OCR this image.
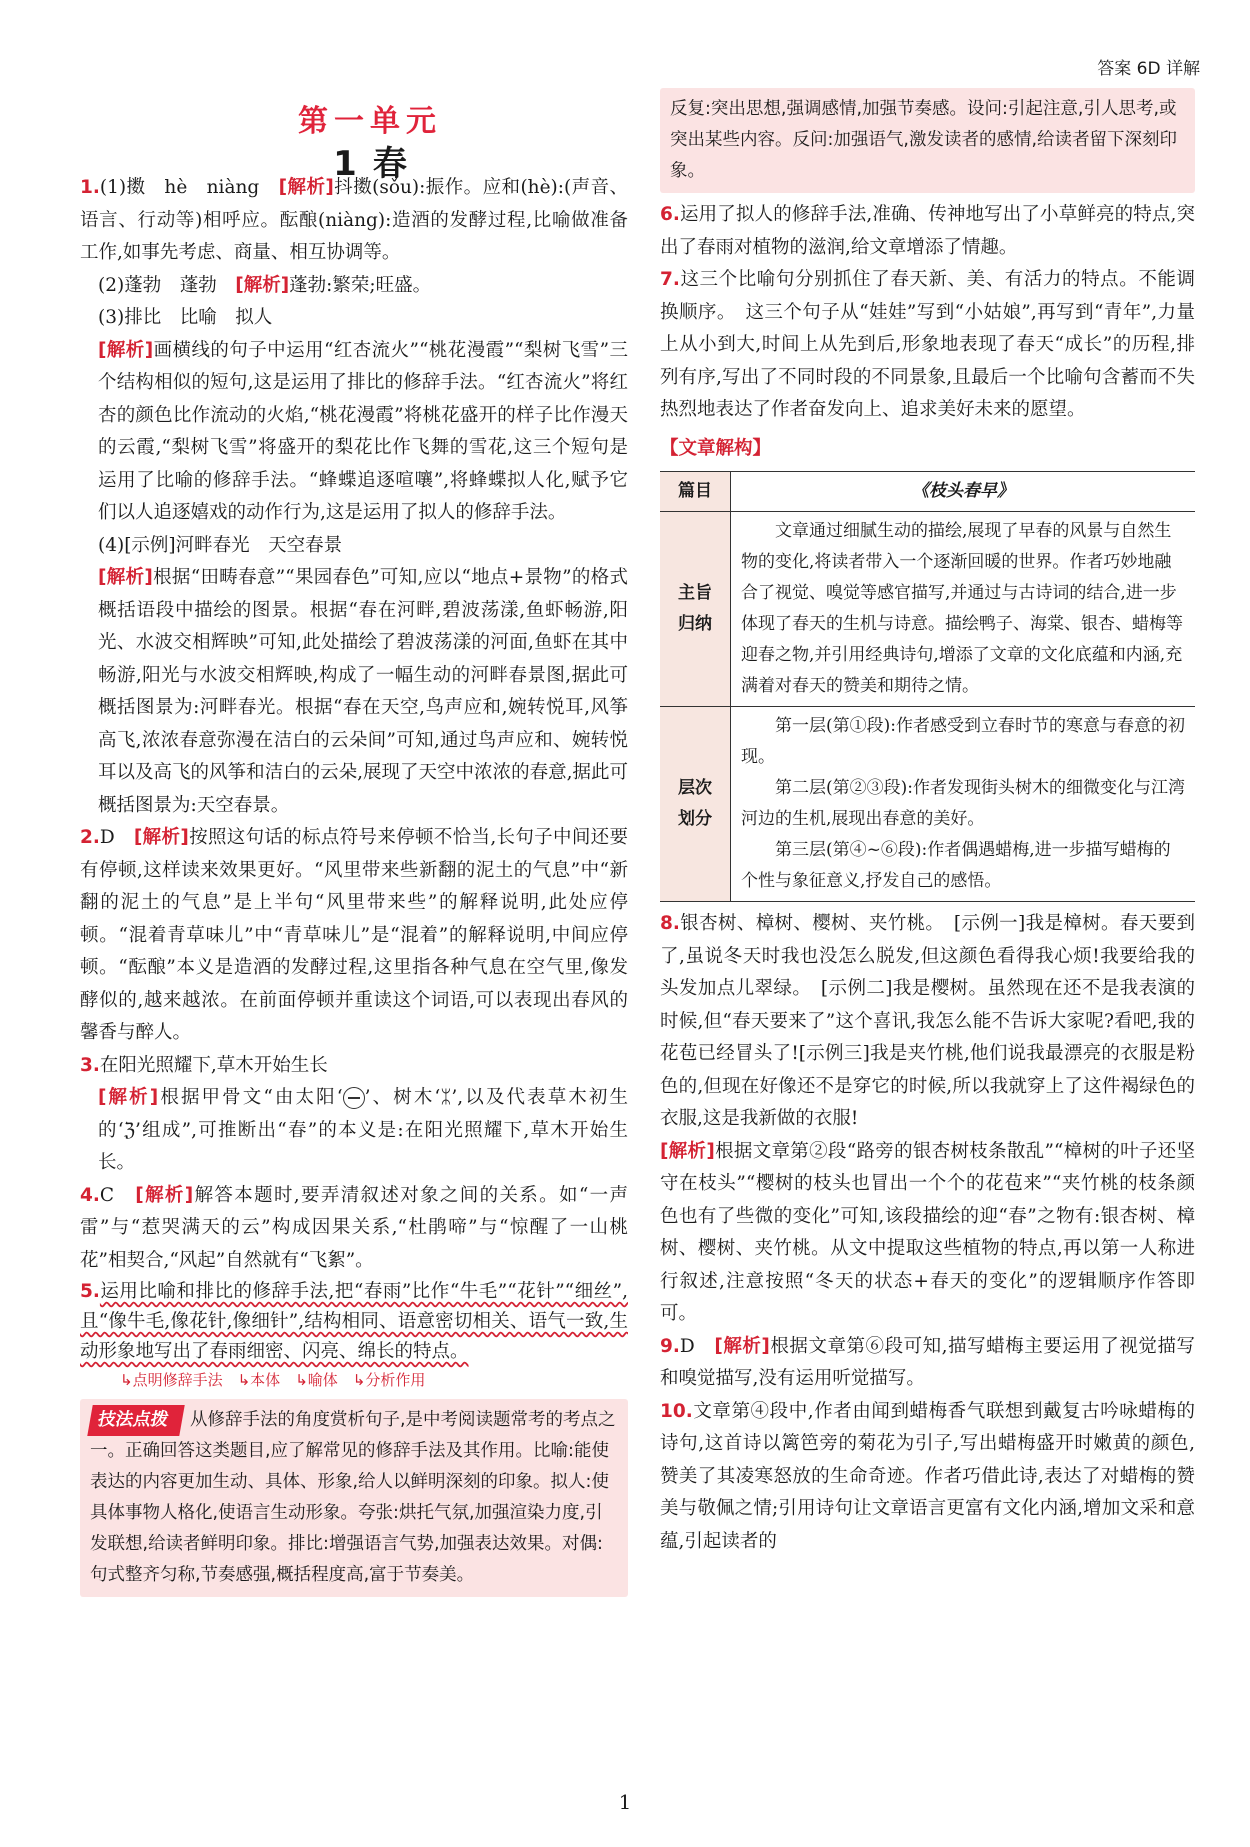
答案 6D 详解
第一单元
1 春

1.(1)擞　hè　niàng　 [解析]抖擞(sǒu):振作。应和(hè):(声音、语言、行动等)相呼应。酝酿(niàng):造酒的发酵过程,比喻做准备工作,如事先考虑、商量、相互协调等。

(2)蓬勃　蓬勃　 [解析]蓬勃:繁荣;旺盛。

(3)排比　比喻　拟人

[解析]画横线的句子中运用“红杏流火”“桃花漫霞”“梨树飞雪”三个结构相似的短句,这是运用了排比的修辞手法。“红杏流火”将红杏的颜色比作流动的火焰,“桃花漫霞”将桃花盛开的样子比作漫天的云霞,“梨树飞雪”将盛开的梨花比作飞舞的雪花,这三个短句是运用了比喻的修辞手法。“蜂蝶追逐喧嚷”,将蜂蝶拟人化,赋予它们以人追逐嬉戏的动作行为,这是运用了拟人的修辞手法。

(4)[示例]河畔春光　天空春景

[解析]根据“田畴春意”“果园春色”可知,应以“地点+景物”的格式概括语段中描绘的图景。根据“春在河畔,碧波荡漾,鱼虾畅游,阳光、水波交相辉映”可知,此处描绘了碧波荡漾的河面,鱼虾在其中畅游,阳光与水波交相辉映,构成了一幅生动的河畔春景图,据此可概括图景为:河畔春光。根据“春在天空,鸟声应和,婉转悦耳,风筝高飞,浓浓春意弥漫在洁白的云朵间”可知,通过鸟声应和、婉转悦耳以及高飞的风筝和洁白的云朵,展现了天空中浓浓的春意,据此可概括图景为:天空春景。

2.D　 [解析]按照这句话的标点符号来停顿不恰当,长句子中间还要有停顿,这样读来效果更好。“风里带来些新翻的泥土的气息”中“新翻的泥土的气息”是上半句“风里带来些”的解释说明,此处应停顿。“混着青草味儿”中“青草味儿”是“混着”的解释说明,中间应停顿。“酝酿”本义是造酒的发酵过程,这里指各种气息在空气里,像发酵似的,越来越浓。在前面停顿并重读这个词语,可以表现出春风的馨香与醉人。

3.在阳光照耀下,草木开始生长

[解析]根据甲骨文“由太阳‘ ’、树木‘ᛯ’,以及代表草木初生的‘ℨ’组成”,可推断出“春”的本义是:在阳光照耀下,草木开始生长。

4.C　 [解析]解答本题时,要弄清叙述对象之间的关系。如“一声雷”与“惹哭满天的云”构成因果关系,“杜鹃啼”与“惊醒了一山桃花”相契合,“风起”自然就有“飞絮”。

5.运用比喻和排比的修辞手法,把“春雨”比作“牛毛”“花针”“细丝”,且“像牛毛,像花针,像细针”,结构相同、语意密切相关、语气一致,生动形象地写出了春雨细密、闪亮、绵长的特点。

↳点明修辞手法　↳本体　↳喻体　↳分析作用

技法点拨 从修辞手法的角度赏析句子,是中考阅读题常考的考点之一。正确回答这类题目,应了解常见的修辞手法及其作用。比喻:能使表达的内容更加生动、具体、形象,给人以鲜明深刻的印象。拟人:使具体事物人格化,使语言生动形象。夸张:烘托气氛,加强渲染力度,引发联想,给读者鲜明印象。排比:增强语言气势,加强表达效果。对偶:句式整齐匀称,节奏感强,概括程度高,富于节奏美。
反复:突出思想,强调感情,加强节奏感。设问:引起注意,引人思考,或突出某些内容。反问:加强语气,激发读者的感情,给读者留下深刻印象。

6.运用了拟人的修辞手法,准确、传神地写出了小草鲜亮的特点,突出了春雨对植物的滋润,给文章增添了情趣。

7.这三个比喻句分别抓住了春天新、美、有活力的特点。不能调换顺序。　这三个句子从“娃娃”写到“小姑娘”,再写到“青年”,力量上从小到大,时间上从先到后,形象地表现了春天“成长”的历程,排列有序,写出了不同时段的不同景象,且最后一个比喻句含蓄而不失热烈地表达了作者奋发向上、追求美好未来的愿望。

【文章解构】
篇目	《枝头春早》
主旨归纳	文章通过细腻生动的描绘,展现了早春的风景与自然生物的变化,将读者带入一个逐渐回暖的世界。作者巧妙地融合了视觉、嗅觉等感官描写,并通过与古诗词的结合,进一步体现了春天的生机与诗意。描绘鸭子、海棠、银杏、蜡梅等迎春之物,并引用经典诗句,增添了文章的文化底蕴和内涵,充满着对春天的赞美和期待之情。
层次划分	第一层(第①段):作者感受到立春时节的寒意与春意的初现。
第二层(第②③段):作者发现街头树木的细微变化与江湾河边的生机,展现出春意的美好。
第三层(第④~⑥段):作者偶遇蜡梅,进一步描写蜡梅的个性与象征意义,抒发自己的感悟。

8.银杏树、樟树、樱树、夹竹桃。　[示例一]我是樟树。春天要到了,虽说冬天时我也没怎么脱发,但这颜色看得我心烦!我要给我的头发加点儿翠绿。　[示例二]我是樱树。虽然现在还不是我表演的时候,但“春天要来了”这个喜讯,我怎么能不告诉大家呢?看吧,我的花苞已经冒头了![示例三]我是夹竹桃,他们说我最漂亮的衣服是粉色的,但现在好像还不是穿它的时候,所以我就穿上了这件褐绿色的衣服,这是我新做的衣服!

[解析]根据文章第②段“路旁的银杏树枝条散乱”“樟树的叶子还坚守在枝头”“樱树的枝头也冒出一个个的花苞来”“夹竹桃的枝条颜色也有了些微的变化”可知,该段描绘的迎“春”之物有:银杏树、樟树、樱树、夹竹桃。从文中提取这些植物的特点,再以第一人称进行叙述,注意按照“冬天的状态+春天的变化”的逻辑顺序作答即可。

9.D　 [解析]根据文章第⑥段可知,描写蜡梅主要运用了视觉描写和嗅觉描写,没有运用听觉描写。

10.文章第④段中,作者由闻到蜡梅香气联想到戴复古吟咏蜡梅的诗句,这首诗以篱笆旁的菊花为引子,写出蜡梅盛开时嫩黄的颜色,赞美了其凌寒怒放的生命奇迹。作者巧借此诗,表达了对蜡梅的赞美与敬佩之情;引用诗句让文章语言更富有文化内涵,增加文采和意蕴,引起读者的

1
